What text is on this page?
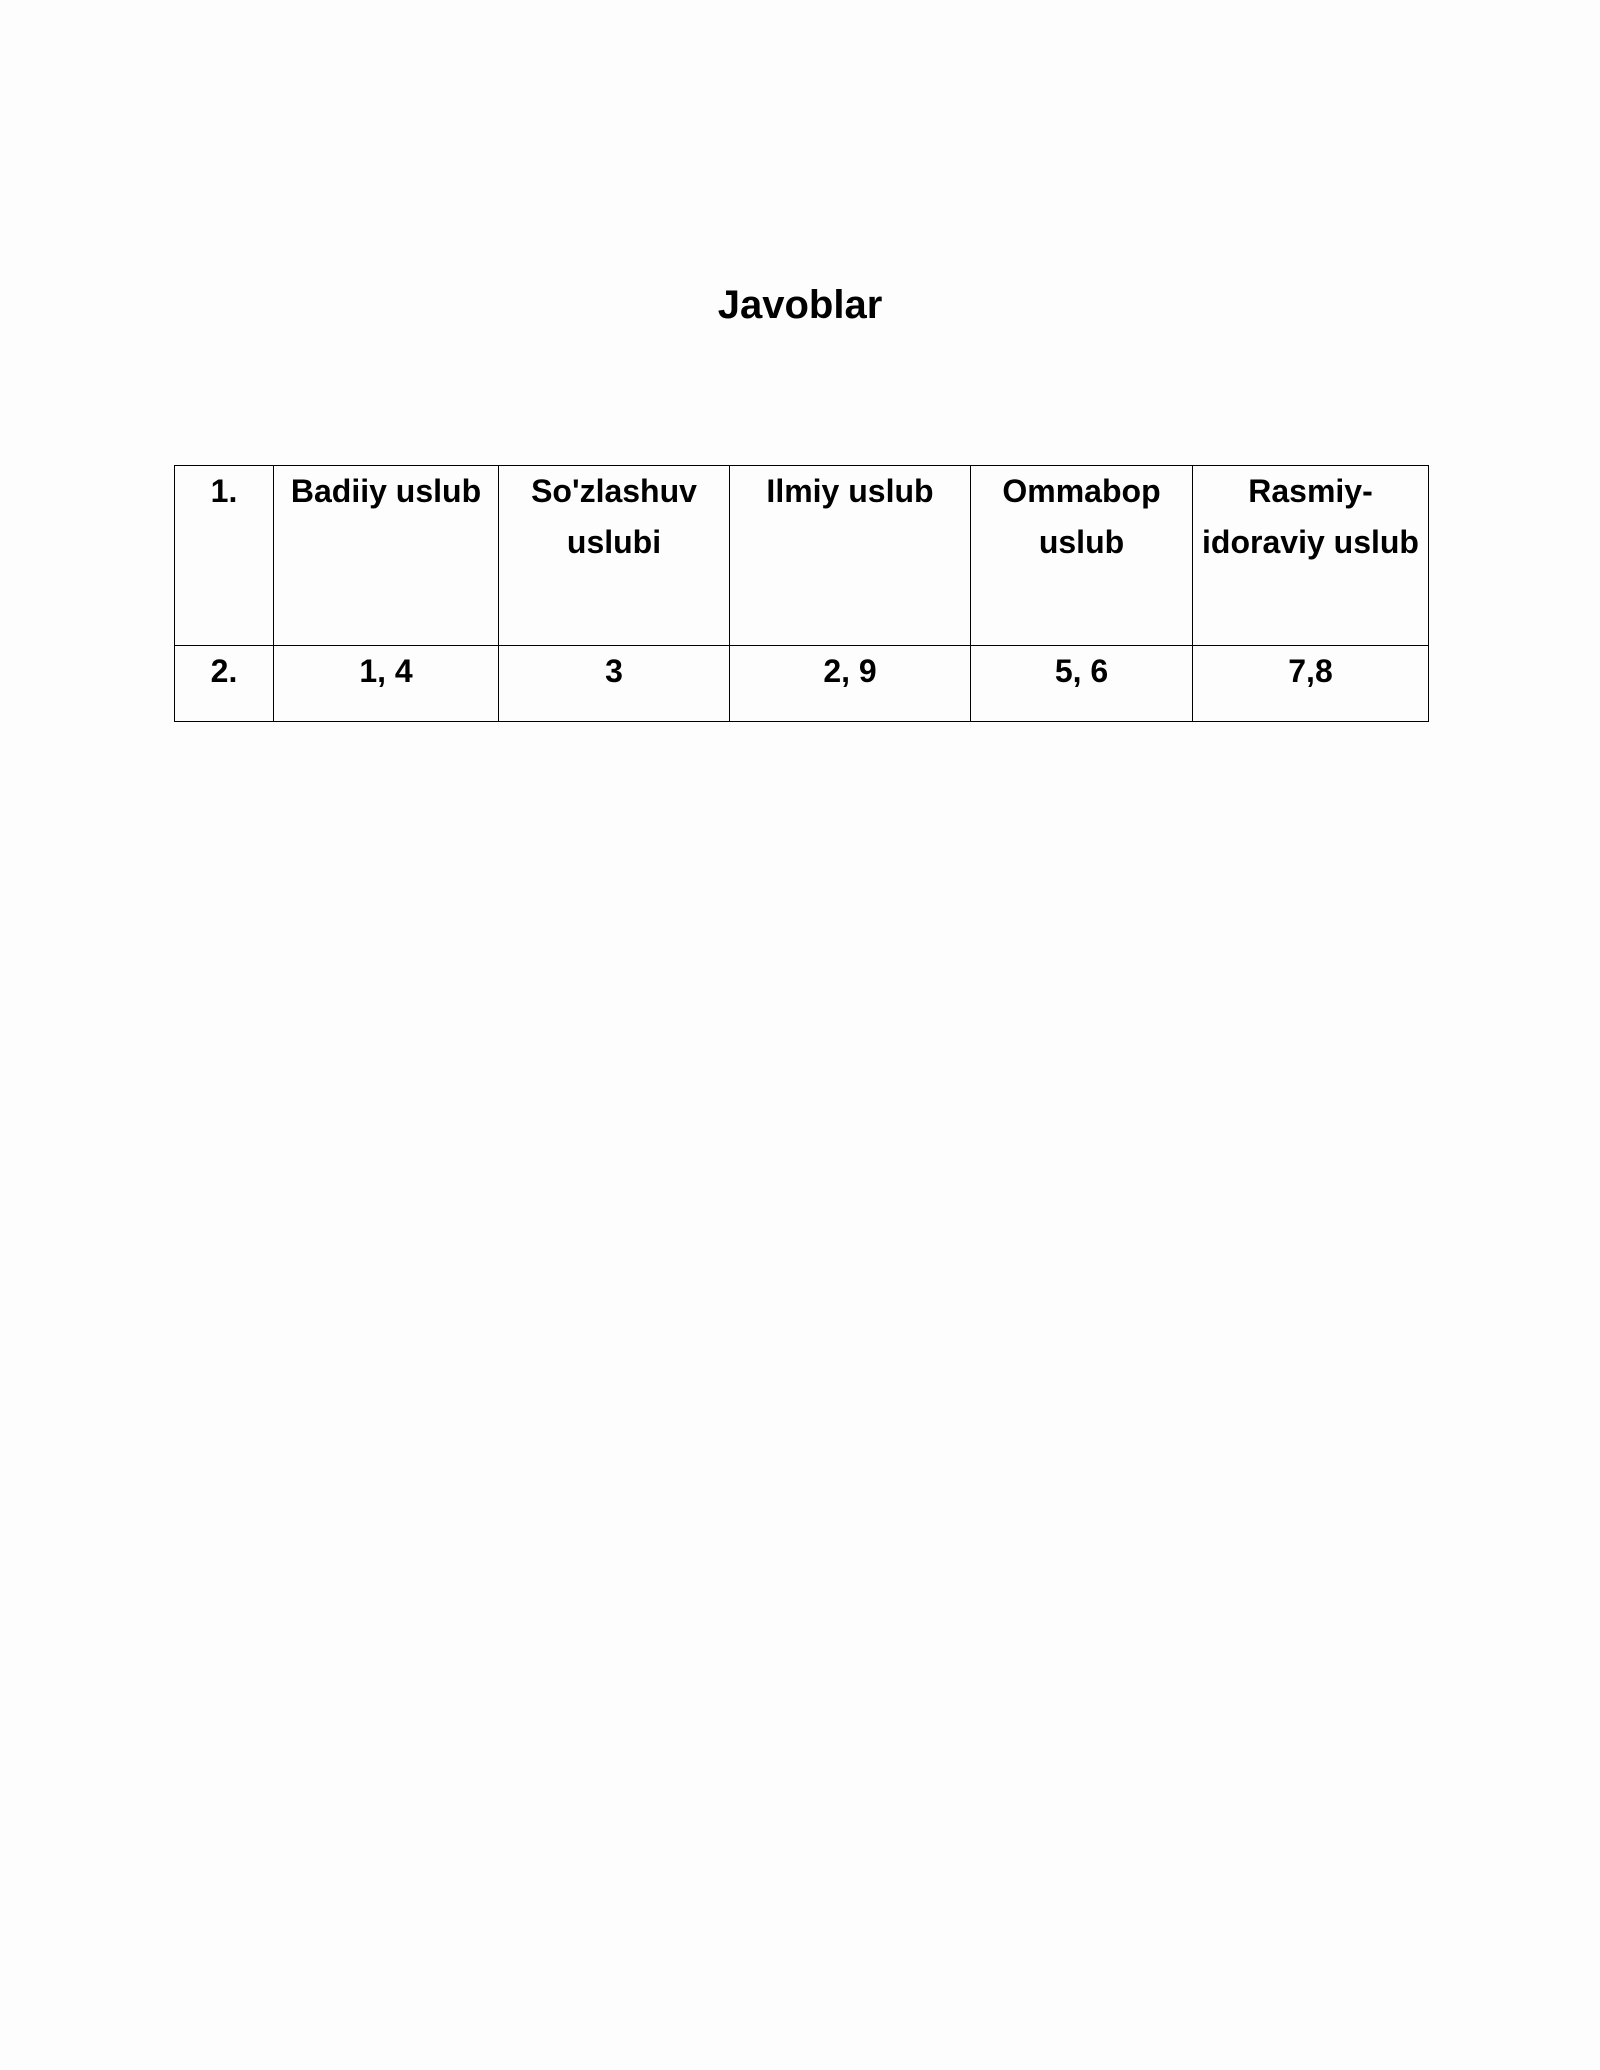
Javoblar
1.	Badiiy uslub	So'zlashuv uslubi	Ilmiy uslub	Ommabop uslub	Rasmiy-idoraviy uslub
2.	1, 4	3	2, 9	5, 6	7,8
